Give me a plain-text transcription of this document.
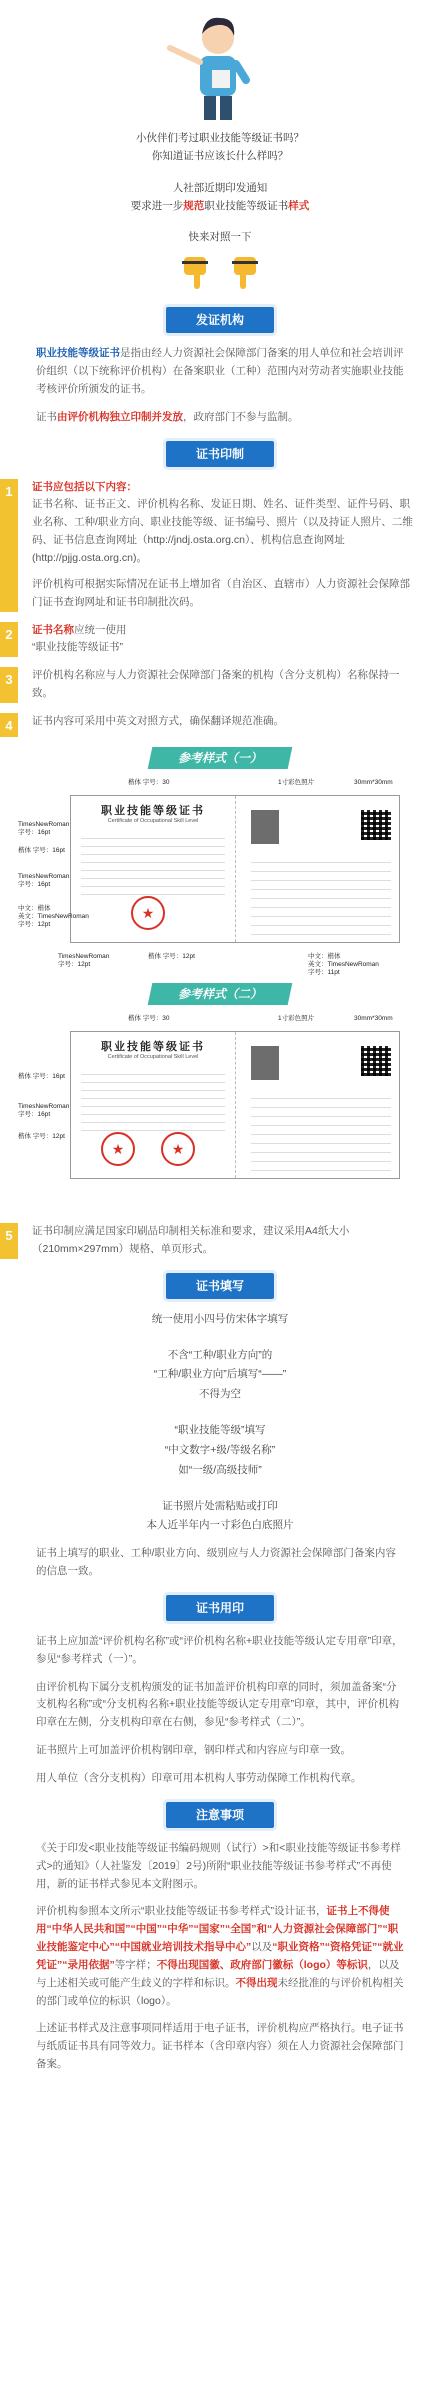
小伙伴们考过职业技能等级证书吗？

你知道证书应该长什么样吗？

人社部近期印发通知

要求进一步规范职业技能等级证书样式

快来对照一下

发证机构

职业技能等级证书是指由经人力资源社会保障部门备案的用人单位和社会培训评价组织（以下统称评价机构）在备案职业（工种）范围内对劳动者实施职业技能考核评价所颁发的证书。

证书由评价机构独立印制并发放，政府部门不参与监制。

证书印制
1	证书应包括以下内容：
证书名称、证书正文、评价机构名称、发证日期、姓名、证件类型、证件号码、职业名称、工种/职业方向、职业技能等级、证书编号、照片（以及持证人照片、二维码、证书信息查询网址（http://jndj.osta.org.cn）、机构信息查询网址(http://pjjg.osta.org.cn)。
评价机构可根据实际情况在证书上增加省（自治区、直辖市）人力资源社会保障部门证书查询网址和证书印制批次码。
2	证书名称应统一使用
“职业技能等级证书”
3	评价机构名称应与人力资源社会保障部门备案的机构（含分支机构）名称保持一致。
4	证书内容可采用中英文对照方式，确保翻译规范准确。
参考样式（一）
职业技能等级证书
Certificate of Occupational Skill Level
★
楷体 字号：30	1寸彩色照片	30mm*30mm
TimesNewRoman
字号：16pt
楷体 字号：16pt
TimesNewRoman
字号：16pt
中文：楷体
英文：TimesNewRoman
字号：12pt
TimesNewRoman
字号：12pt
楷体 字号：12pt	中文：楷体
英文：TimesNewRoman
字号：11pt
参考样式（二）
职业技能等级证书
Certificate of Occupational Skill Level
★	★
楷体 字号：30	1寸彩色照片	30mm*30mm
楷体 字号：16pt
TimesNewRoman
字号：16pt
楷体 字号：12pt
5	证书印制应满足国家印刷品印制相关标准和要求，建议采用A4纸大小（210mm×297mm）规格、单页形式。
证书填写

统一使用小四号仿宋体字填写

不含“工种/职业方向”的

“工种/职业方向”后填写“——”

不得为空

“职业技能等级”填写

“中文数字+级/等级名称”

如“一级/高级技师”

证书照片处需粘贴或打印

本人近半年内一寸彩色白底照片

证书上填写的职业、工种/职业方向、级别应与人力资源社会保障部门备案内容的信息一致。

证书用印

证书上应加盖“评价机构名称”或“评价机构名称+职业技能等级认定专用章”印章，参见“参考样式（一）”。

由评价机构下属分支机构颁发的证书加盖评价机构印章的同时，须加盖备案“分支机构名称”或“分支机构名称+职业技能等级认定专用章”印章，其中，评价机构印章在左侧，分支机构印章在右侧，参见“参考样式（二）”。

证书照片上可加盖评价机构钢印章，钢印样式和内容应与印章一致。

用人单位（含分支机构）印章可用本机构人事劳动保障工作机构代章。

注意事项

《关于印发<职业技能等级证书编码规则（试行）>和<职业技能等级证书参考样式>的通知》（人社鉴发〔2019〕2号)所附“职业技能等级证书参考样式”不再使用，新的证书样式参见本文附图示。

评价机构参照本文所示“职业技能等级证书参考样式”设计证书，证书上不得使用“中华人民共和国”“中国”“中华”“国家”“全国”和“人力资源社会保障部门”“职业技能鉴定中心”“中国就业培训技术指导中心”以及“职业资格”“资格凭证”“就业凭证”“录用依据”等字样；不得出现国徽、政府部门徽标（logo）等标识，以及与上述相关或可能产生歧义的字样和标识。不得出现未经批准的与评价机构相关的部门或单位的标识（logo）。

上述证书样式及注意事项同样适用于电子证书，评价机构应严格执行。电子证书与纸质证书具有同等效力。证书样本（含印章内容）须在人力资源社会保障部门备案。
